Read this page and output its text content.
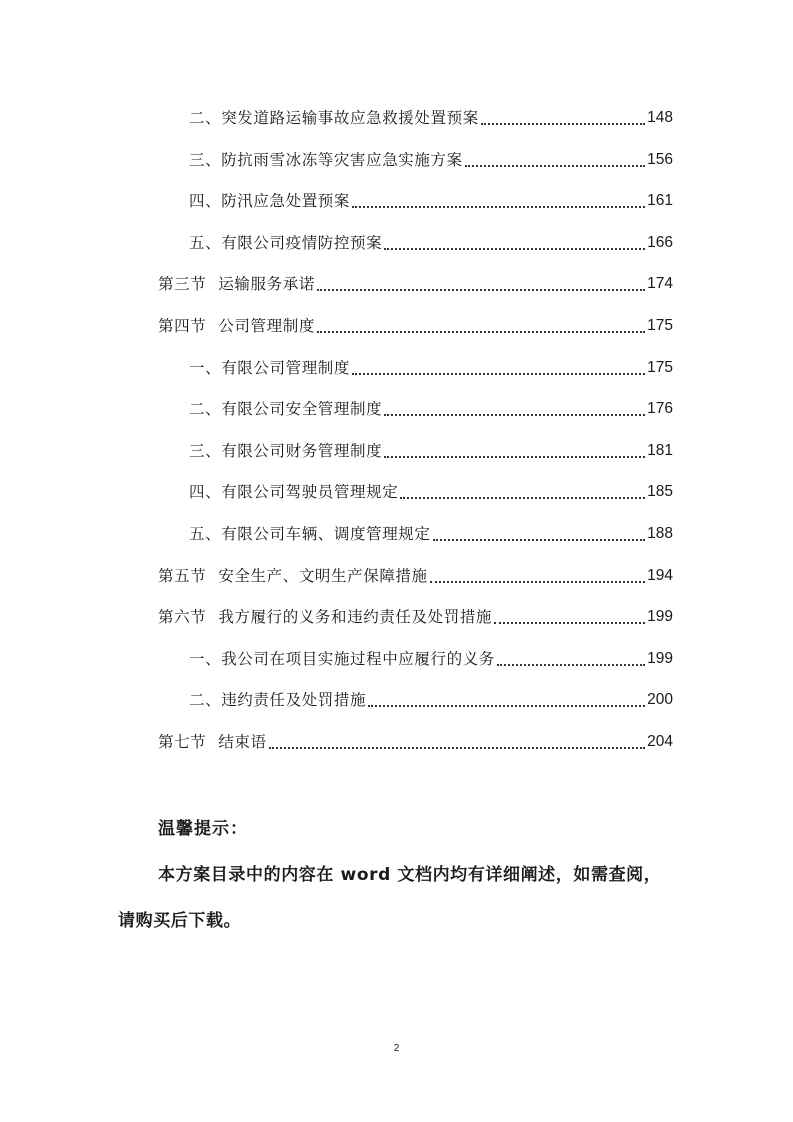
二、突发道路运输事故应急救援处置预案	148
三、防抗雨雪冰冻等灾害应急实施方案	156
四、防汛应急处置预案	161
五、有限公司疫情防控预案	166
第三节 运输服务承诺	174
第四节 公司管理制度	175
一、有限公司管理制度	175
二、有限公司安全管理制度	176
三、有限公司财务管理制度	181
四、有限公司驾驶员管理规定	185
五、有限公司车辆、调度管理规定	188
第五节 安全生产、文明生产保障措施	194
第六节 我方履行的义务和违约责任及处罚措施	199
一、我公司在项目实施过程中应履行的义务	199
二、违约责任及处罚措施	200
第七节 结束语	204
温馨提示：
本方案目录中的内容在 word 文档内均有详细阐述，如需查阅，请购买后下载。
2
